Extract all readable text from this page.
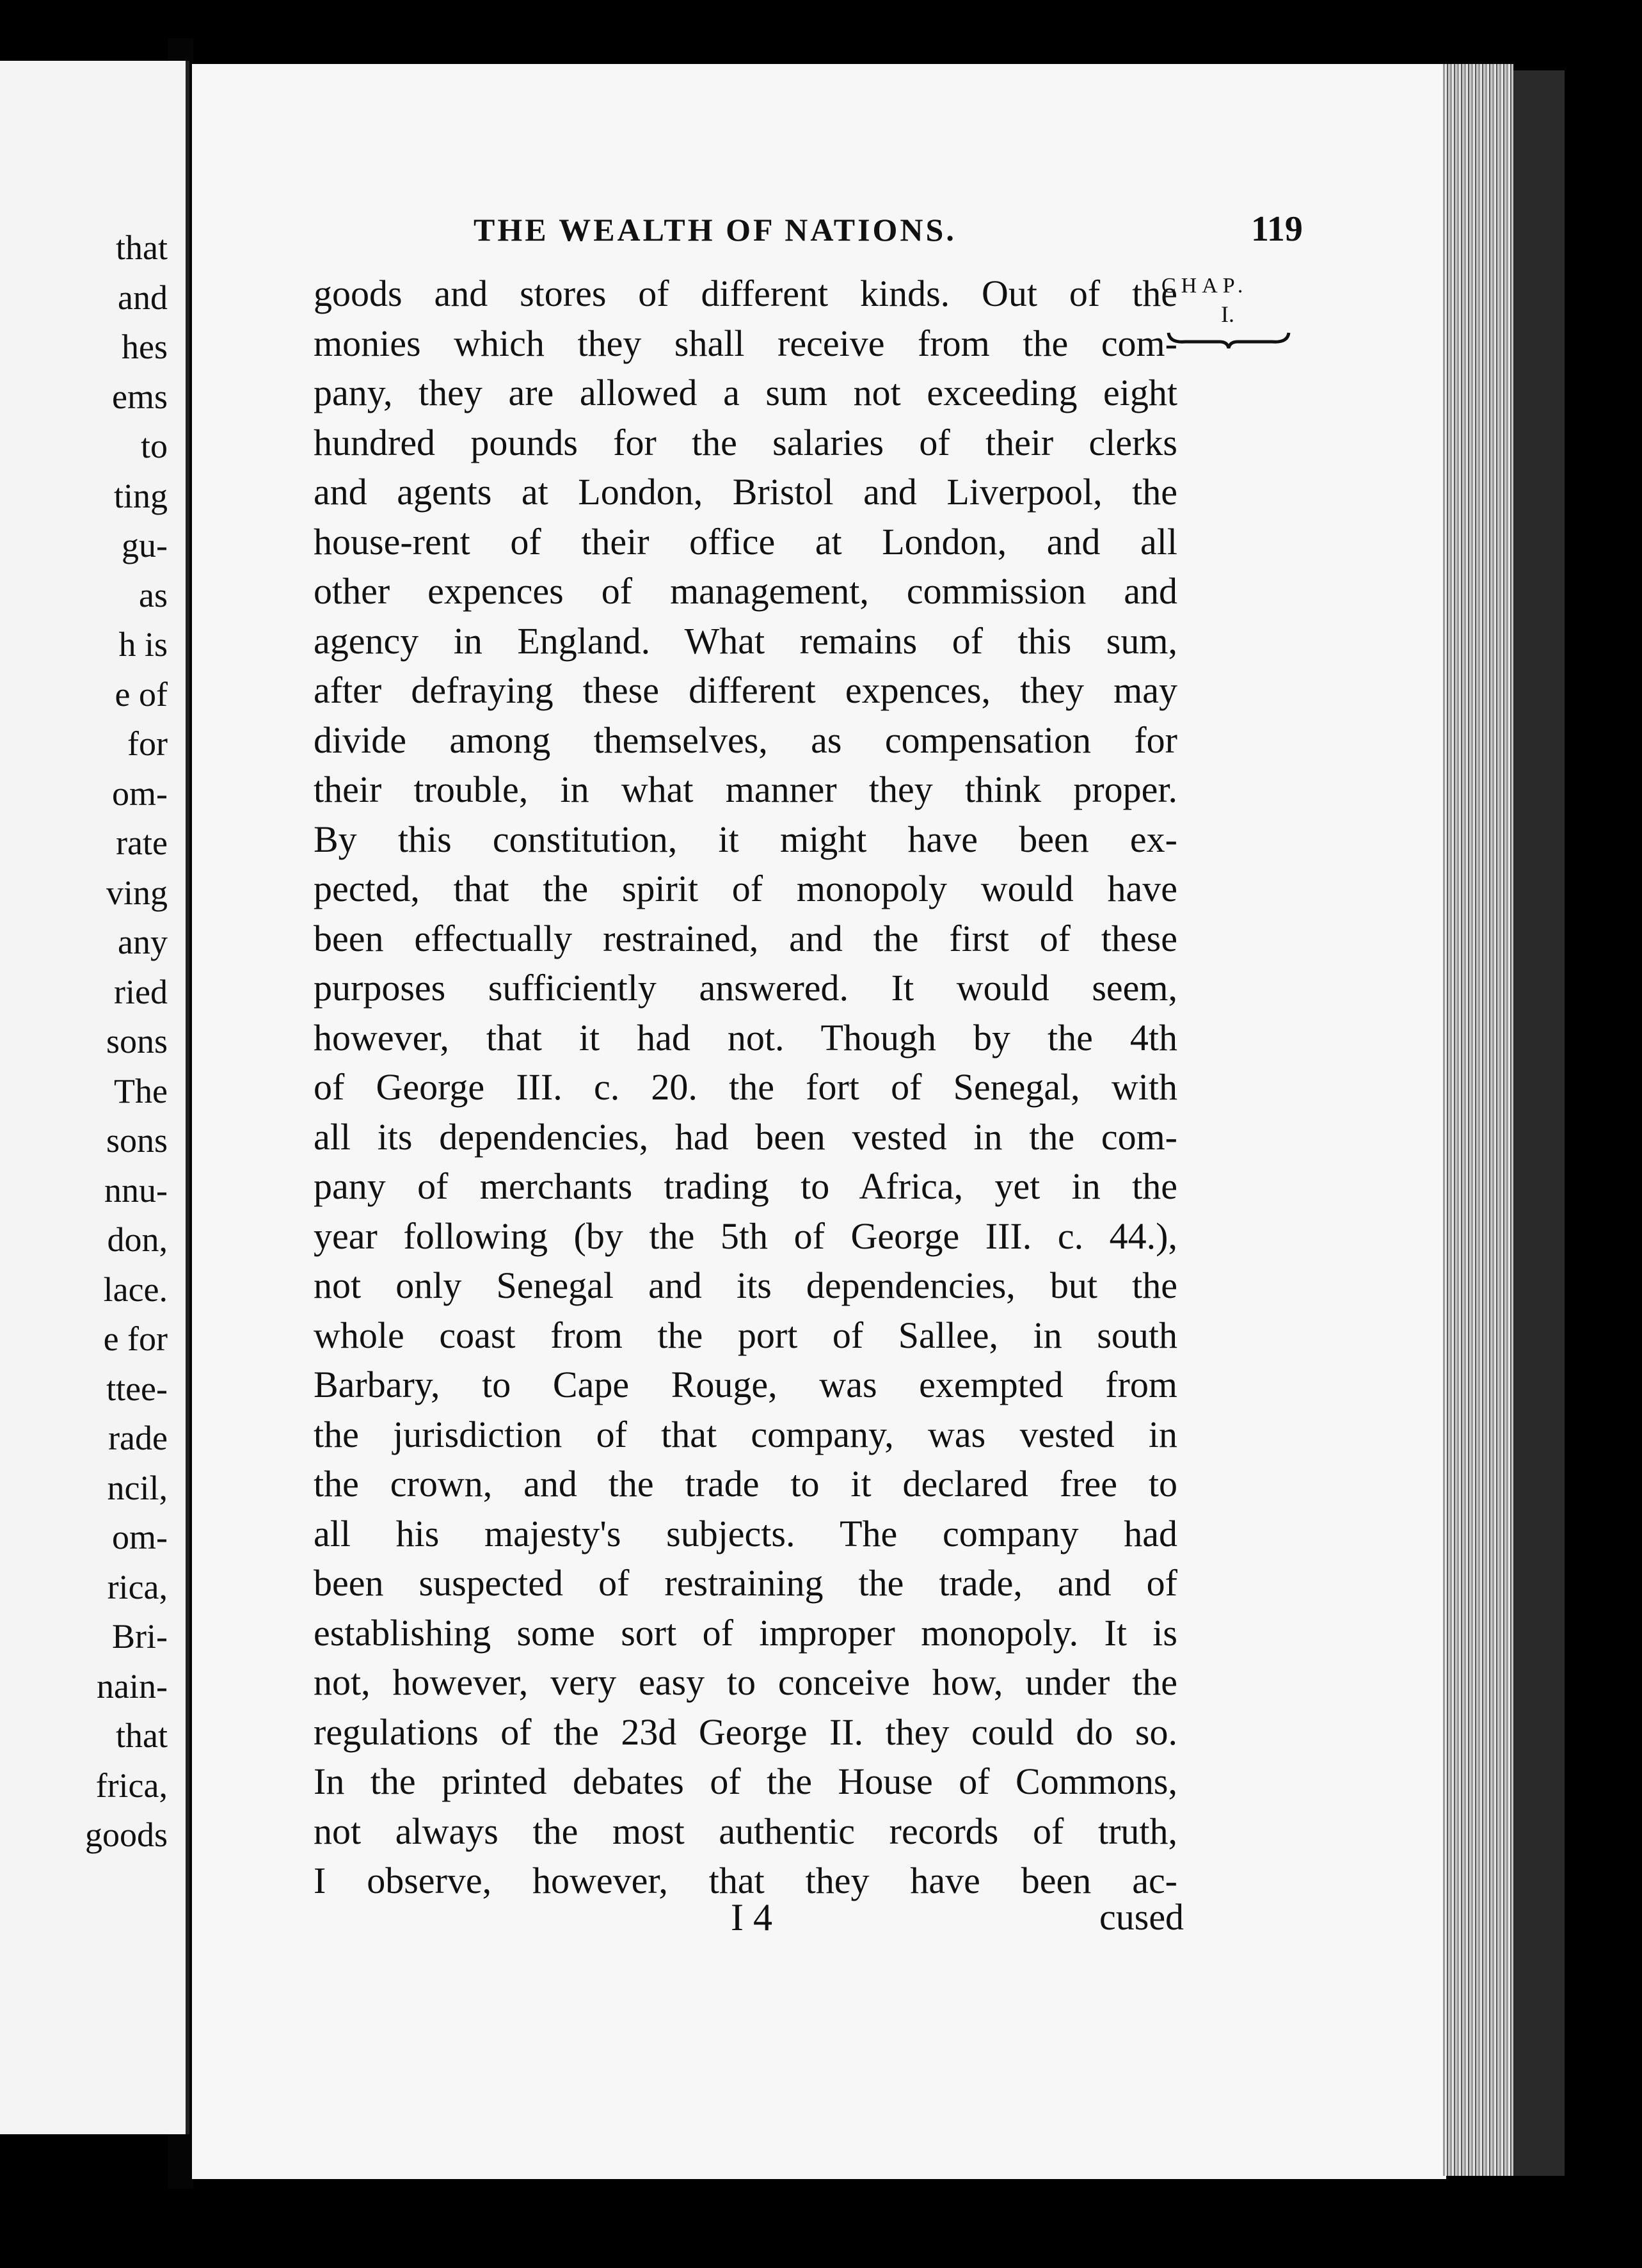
that
and
hes
ems
to
ting
gu-
as
h is
e of
for
om-
rate
ving
any
ried
sons
The
sons
nnu-
don,
lace.
e for
ttee-
rade
ncil,
om-
rica,
Bri-
nain-
that
frica,
goods
THE WEALTH OF NATIONS.	119
CHAP.
I.
goods and stores of different kinds. Out of the
monies which they shall receive from the com-
pany, they are allowed a sum not exceeding eight
hundred pounds for the salaries of their clerks
and agents at London, Bristol and Liverpool, the
house-rent of their office at London, and all
other expences of management, commission and
agency in England. What remains of this sum,
after defraying these different expences, they may
divide among themselves, as compensation for
their trouble, in what manner they think proper.
By this constitution, it might have been ex-
pected, that the spirit of monopoly would have
been effectually restrained, and the first of these
purposes sufficiently answered. It would seem,
however, that it had not. Though by the 4th
of George III. c. 20. the fort of Senegal, with
all its dependencies, had been vested in the com-
pany of merchants trading to Africa, yet in the
year following (by the 5th of George III. c. 44.),
not only Senegal and its dependencies, but the
whole coast from the port of Sallee, in south
Barbary, to Cape Rouge, was exempted from
the jurisdiction of that company, was vested in
the crown, and the trade to it declared free to
all his majesty's subjects. The company had
been suspected of restraining the trade, and of
establishing some sort of improper monopoly. It is
not, however, very easy to conceive how, under the
regulations of the 23d George II. they could do so.
In the printed debates of the House of Commons,
not always the most authentic records of truth,
I observe, however, that they have been ac-
I 4	cused
